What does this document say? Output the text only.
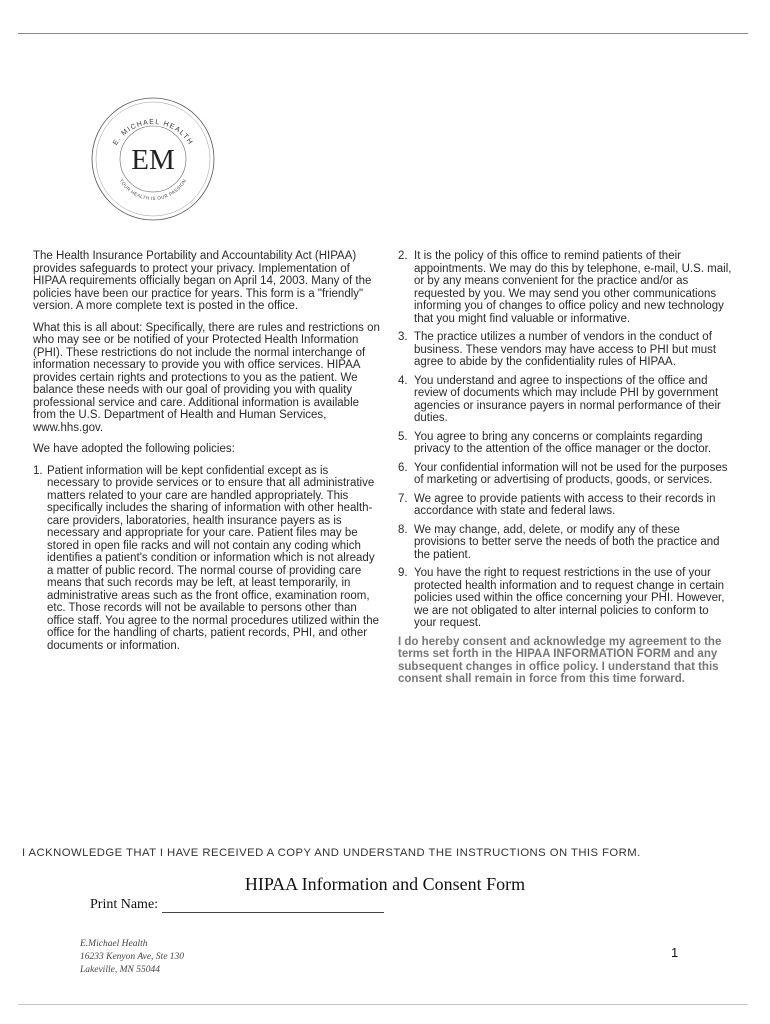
E. MICHAEL HEALTH
YOUR HEALTH IS OUR PASSION
EM

The Health Insurance Portability and Accountability Act (HIPAA) provides safeguards to protect your privacy. Implementation of HIPAA requirements officially began on April 14, 2003. Many of the policies have been our practice for years. This form is a "friendly" version. A more complete text is posted in the office.

What this is all about: Specifically, there are rules and restrictions on who may see or be notified of your Protected Health Information (PHI). These restrictions do not include the normal interchange of information necessary to provide you with office services. HIPAA provides certain rights and protections to you as the patient. We balance these needs with our goal of providing you with quality professional service and care. Additional information is available from the U.S. Department of Health and Human Services, www.hhs.gov.

We have adopted the following policies:

1. Patient information will be kept confidential except as is necessary to provide services or to ensure that all administrative matters related to your care are handled appropriately. This specifically includes the sharing of information with other health-care providers, laboratories, health insurance payers as is necessary and appropriate for your care. Patient files may be stored in open file racks and will not contain any coding which identifies a patient's condition or information which is not already a matter of public record. The normal course of providing care means that such records may be left, at least temporarily, in administrative areas such as the front office, examination room, etc. Those records will not be available to persons other than office staff. You agree to the normal procedures utilized within the office for the handling of charts, patient records, PHI, and other documents or information.
2. It is the policy of this office to remind patients of their appointments. We may do this by telephone, e-mail, U.S. mail, or by any means convenient for the practice and/or as requested by you. We may send you other communications informing you of changes to office policy and new technology that you might find valuable or informative.
3. The practice utilizes a number of vendors in the conduct of business. These vendors may have access to PHI but must agree to abide by the confidentiality rules of HIPAA.
4. You understand and agree to inspections of the office and review of documents which may include PHI by government agencies or insurance payers in normal performance of their duties.
5. You agree to bring any concerns or complaints regarding privacy to the attention of the office manager or the doctor.
6. Your confidential information will not be used for the purposes of marketing or advertising of products, goods, or services.
7. We agree to provide patients with access to their records in accordance with state and federal laws.
8. We may change, add, delete, or modify any of these provisions to better serve the needs of both the practice and the patient.
9. You have the right to request restrictions in the use of your protected health information and to request change in certain policies used within the office concerning your PHI. However, we are not obligated to alter internal policies to conform to your request.

I do hereby consent and acknowledge my agreement to the terms set forth in the HIPAA INFORMATION FORM and any subsequent changes in office policy. I understand that this consent shall remain in force from this time forward.

I ACKNOWLEDGE THAT I HAVE RECEIVED A COPY AND UNDERSTAND THE INSTRUCTIONS ON THIS FORM.
HIPAA Information and Consent Form
Print Name:
E.Michael Health
16233 Kenyon Ave, Ste 130
Lakeville, MN 55044
1
